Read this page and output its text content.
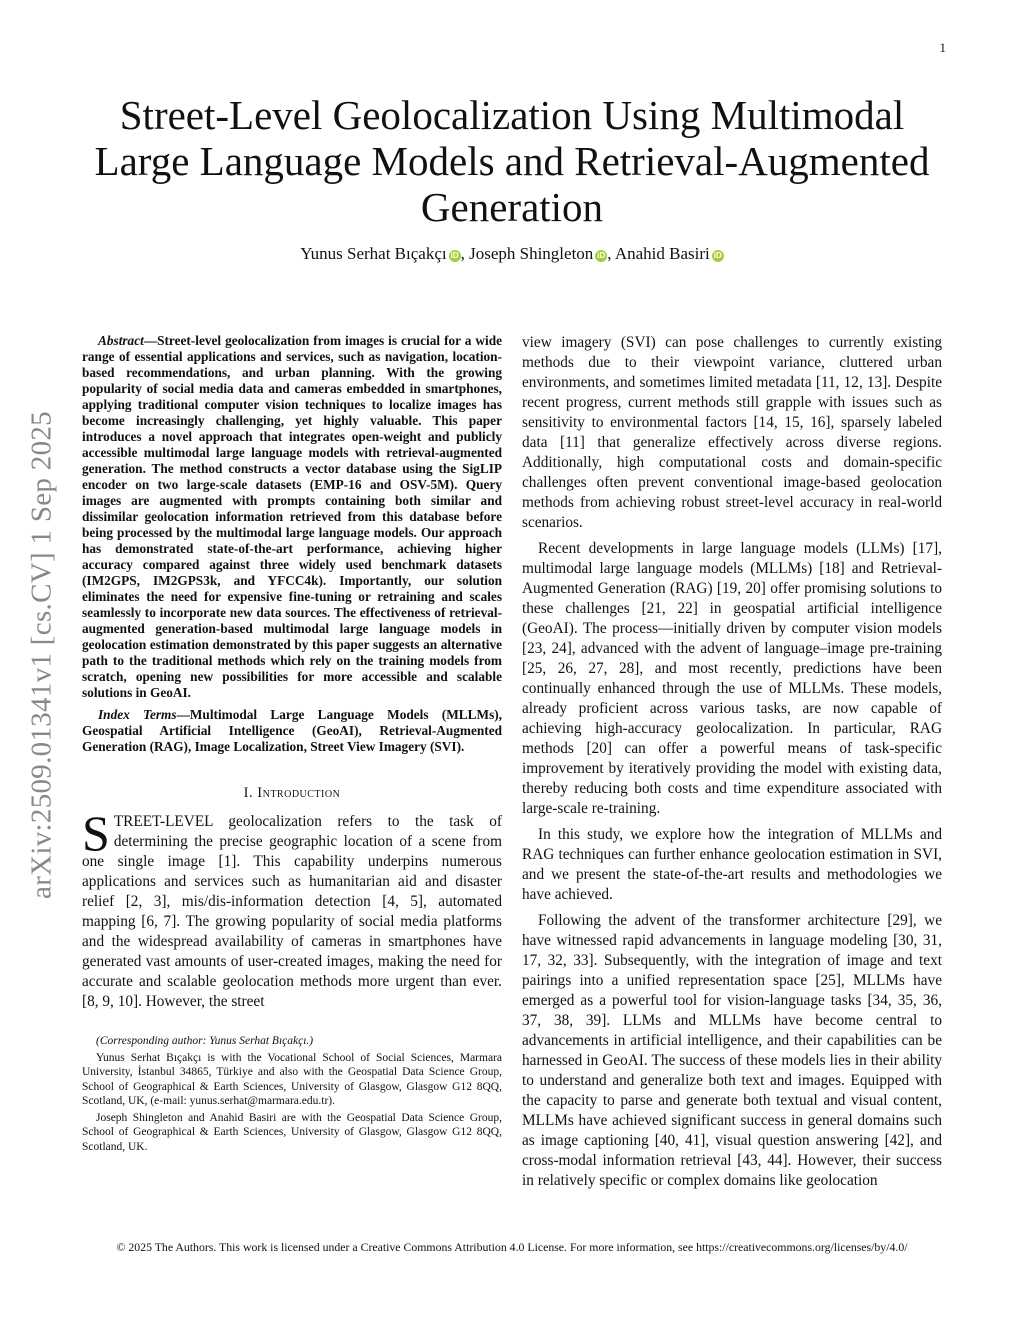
1
arXiv:2509.01341v1 [cs.CV] 1 Sep 2025
Street-Level Geolocalization Using Multimodal Large Language Models and Retrieval-Augmented Generation
Yunus Serhat Bıçakçı iD , Joseph Shingleton iD , Anahid Basiri iD

Abstract—Street-level geolocalization from images is crucial for a wide range of essential applications and services, such as navigation, location-based recommendations, and urban planning. With the growing popularity of social media data and cameras embedded in smartphones, applying traditional computer vision techniques to localize images has become increasingly challenging, yet highly valuable. This paper introduces a novel approach that integrates open-weight and publicly accessible multimodal large language models with retrieval-augmented generation. The method constructs a vector database using the SigLIP encoder on two large-scale datasets (EMP-16 and OSV-5M). Query images are augmented with prompts containing both similar and dissimilar geolocation information retrieved from this database before being processed by the multimodal large language models. Our approach has demonstrated state-of-the-art performance, achieving higher accuracy compared against three widely used benchmark datasets (IM2GPS, IM2GPS3k, and YFCC4k). Importantly, our solution eliminates the need for expensive fine-tuning or retraining and scales seamlessly to incorporate new data sources. The effectiveness of retrieval-augmented generation-based multimodal large language models in geolocation estimation demonstrated by this paper suggests an alternative path to the traditional methods which rely on the training models from scratch, opening new possibilities for more accessible and scalable solutions in GeoAI.

Index Terms—Multimodal Large Language Models (MLLMs), Geospatial Artificial Intelligence (GeoAI), Retrieval-Augmented Generation (RAG), Image Localization, Street View Imagery (SVI).

I. Introduction

STREET-LEVEL geolocalization refers to the task of determining the precise geographic location of a scene from one single image [1]. This capability underpins numerous applications and services such as humanitarian aid and disaster relief [2, 3], mis/dis-information detection [4, 5], automated mapping [6, 7]. The growing popularity of social media platforms and the widespread availability of cameras in smartphones have generated vast amounts of user-created images, making the need for accurate and scalable geolocation methods more urgent than ever. [8, 9, 10]. However, the street

(Corresponding author: Yunus Serhat Bıçakçı.)

Yunus Serhat Bıçakçı is with the Vocational School of Social Sciences, Marmara University, İstanbul 34865, Türkiye and also with the Geospatial Data Science Group, School of Geographical & Earth Sciences, University of Glasgow, Glasgow G12 8QQ, Scotland, UK, (e-mail: yunus.serhat@marmara.edu.tr).

Joseph Shingleton and Anahid Basiri are with the Geospatial Data Science Group, School of Geographical & Earth Sciences, University of Glasgow, Glasgow G12 8QQ, Scotland, UK.

view imagery (SVI) can pose challenges to currently existing methods due to their viewpoint variance, cluttered urban environments, and sometimes limited metadata [11, 12, 13]. Despite recent progress, current methods still grapple with issues such as sensitivity to environmental factors [14, 15, 16], sparsely labeled data [11] that generalize effectively across diverse regions. Additionally, high computational costs and domain-specific challenges often prevent conventional image-based geolocation methods from achieving robust street-level accuracy in real-world scenarios.

Recent developments in large language models (LLMs) [17], multimodal large language models (MLLMs) [18] and Retrieval-Augmented Generation (RAG) [19, 20] offer promising solutions to these challenges [21, 22] in geospatial artificial intelligence (GeoAI). The process—initially driven by computer vision models [23, 24], advanced with the advent of language–image pre-training [25, 26, 27, 28], and most recently, predictions have been continually enhanced through the use of MLLMs. These models, already proficient across various tasks, are now capable of achieving high-accuracy geolocalization. In particular, RAG methods [20] can offer a powerful means of task-specific improvement by iteratively providing the model with existing data, thereby reducing both costs and time expenditure associated with large-scale re-training.

In this study, we explore how the integration of MLLMs and RAG techniques can further enhance geolocation estimation in SVI, and we present the state-of-the-art results and methodologies we have achieved.

Following the advent of the transformer architecture [29], we have witnessed rapid advancements in language modeling [30, 31, 17, 32, 33]. Subsequently, with the integration of image and text pairings into a unified representation space [25], MLLMs have emerged as a powerful tool for vision-language tasks [34, 35, 36, 37, 38, 39]. LLMs and MLLMs have become central to advancements in artificial intelligence, and their capabilities can be harnessed in GeoAI. The success of these models lies in their ability to understand and generalize both text and images. Equipped with the capacity to parse and generate both textual and visual content, MLLMs have achieved significant success in general domains such as image captioning [40, 41], visual question answering [42], and cross-modal information retrieval [43, 44]. However, their success in relatively specific or complex domains like geolocation

© 2025 The Authors. This work is licensed under a Creative Commons Attribution 4.0 License. For more information, see https://creativecommons.org/licenses/by/4.0/
